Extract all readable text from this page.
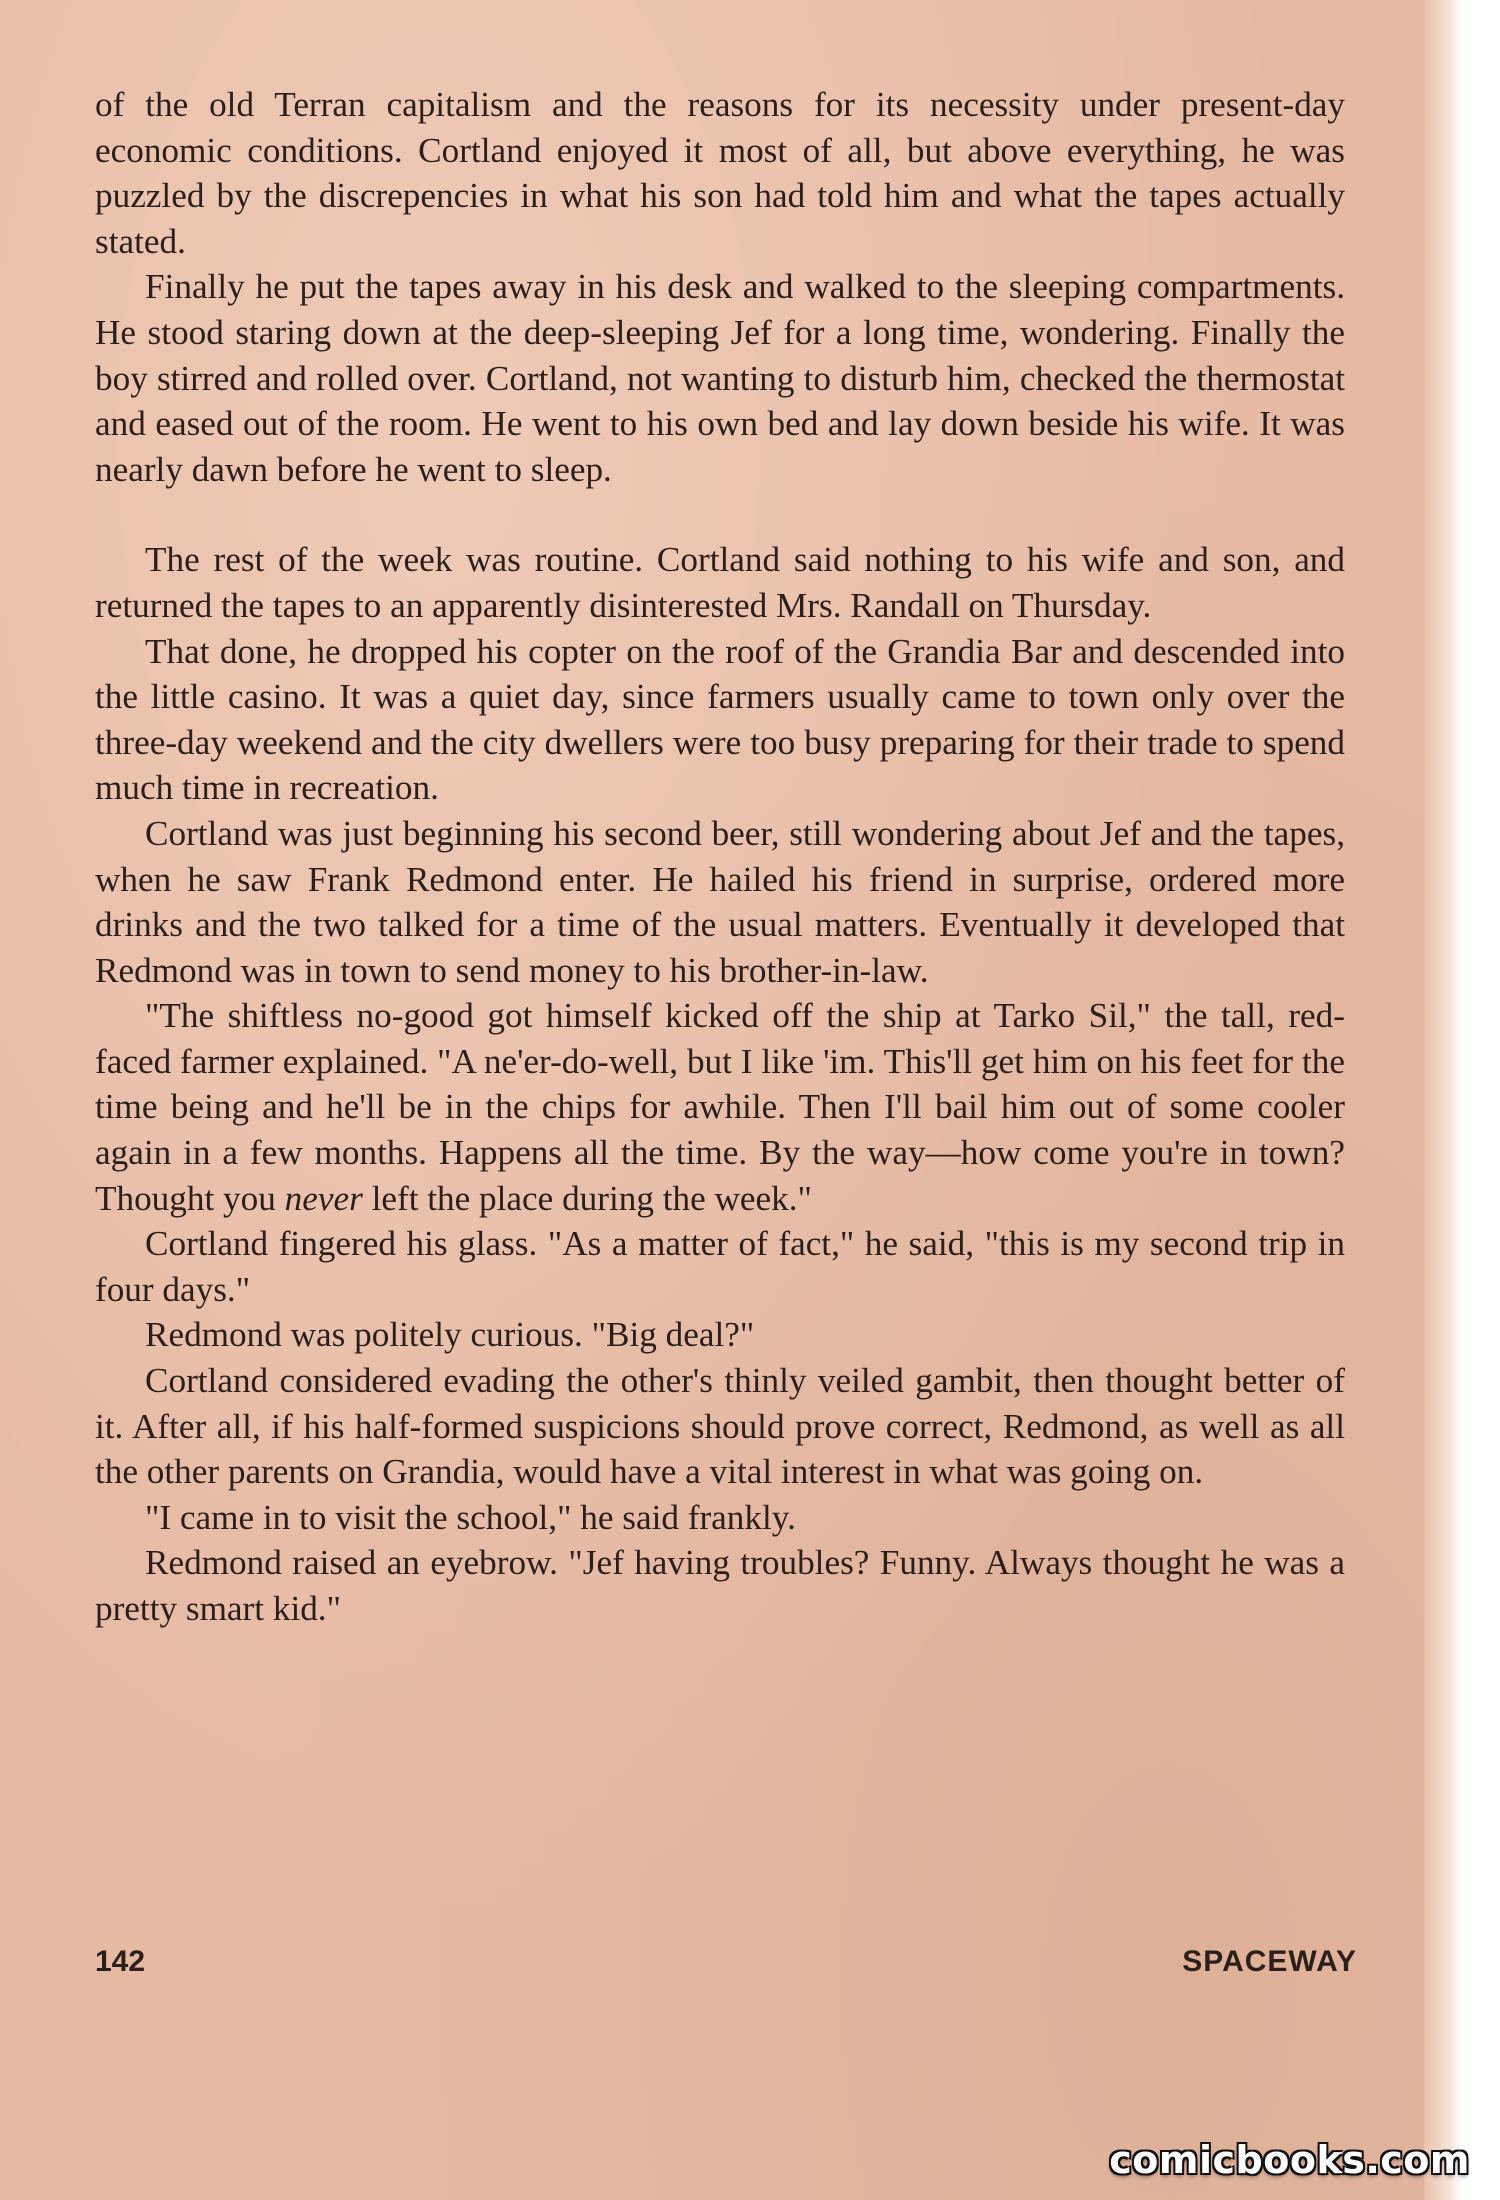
of the old Terran capitalism and the reasons for its necessity under present-day economic conditions. Cortland enjoyed it most of all, but above everything, he was puzzled by the discrepencies in what his son had told him and what the tapes actually stated.

Finally he put the tapes away in his desk and walked to the sleeping compartments. He stood staring down at the deep-sleeping Jef for a long time, wondering. Finally the boy stirred and rolled over. Cortland, not wanting to disturb him, checked the thermostat and eased out of the room. He went to his own bed and lay down beside his wife. It was nearly dawn before he went to sleep.

The rest of the week was routine. Cortland said nothing to his wife and son, and returned the tapes to an apparently disinterested Mrs. Randall on Thursday.

That done, he dropped his copter on the roof of the Grandia Bar and descended into the little casino. It was a quiet day, since farmers usually came to town only over the three-day weekend and the city dwellers were too busy preparing for their trade to spend much time in recreation.

Cortland was just beginning his second beer, still wondering about Jef and the tapes, when he saw Frank Redmond enter. He hailed his friend in surprise, ordered more drinks and the two talked for a time of the usual matters. Eventually it developed that Redmond was in town to send money to his brother-in-law.

"The shiftless no-good got himself kicked off the ship at Tarko Sil," the tall, red-faced farmer explained. "A ne'er-do-well, but I like 'im. This'll get him on his feet for the time being and he'll be in the chips for awhile. Then I'll bail him out of some cooler again in a few months. Happens all the time. By the way—how come you're in town? Thought you never left the place during the week."

Cortland fingered his glass. "As a matter of fact," he said, "this is my second trip in four days."

Redmond was politely curious. "Big deal?"

Cortland considered evading the other's thinly veiled gambit, then thought better of it. After all, if his half-formed suspicions should prove correct, Redmond, as well as all the other parents on Grandia, would have a vital interest in what was going on.

"I came in to visit the school," he said frankly.

Redmond raised an eyebrow. "Jef having troubles? Funny. Always thought he was a pretty smart kid."

142	SPACEWAY
comicbooks.com
